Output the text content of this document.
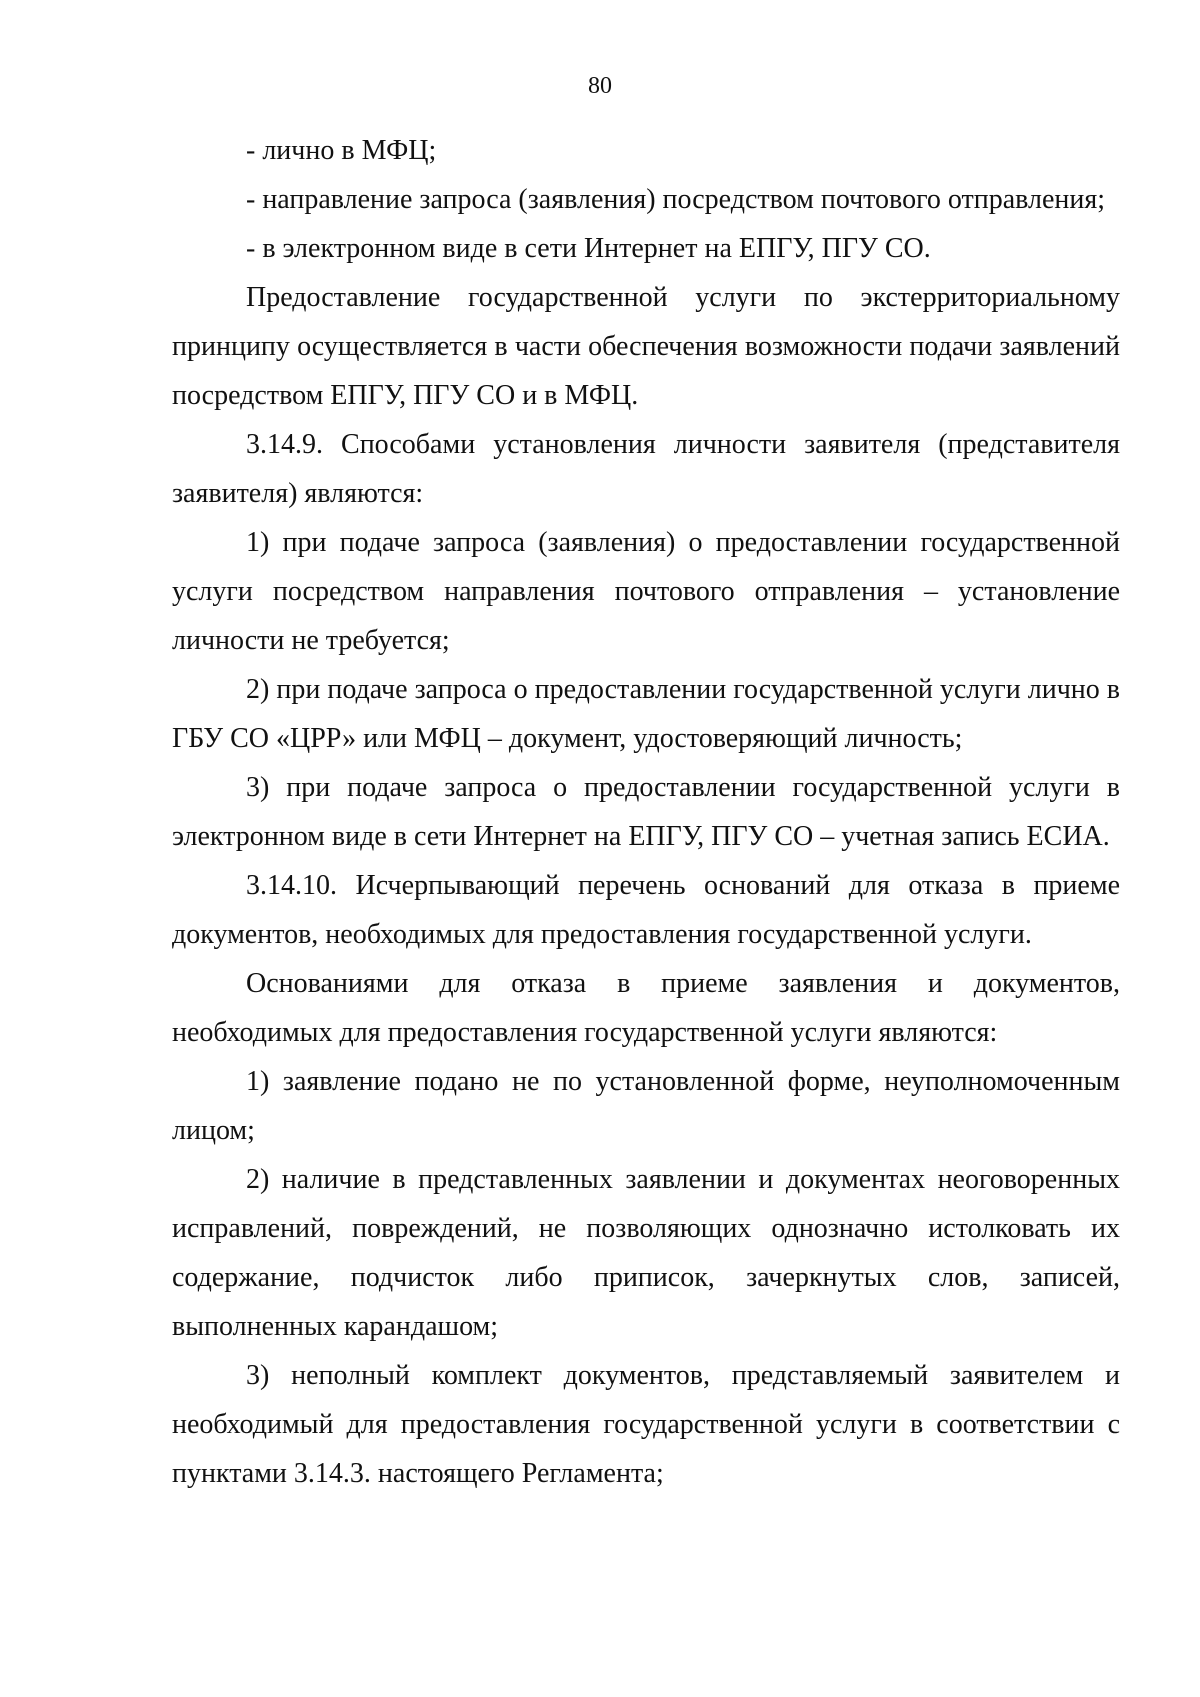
80

- лично в МФЦ;

- направление запроса (заявления) посредством почтового отправления;

- в электронном виде в сети Интернет на ЕПГУ, ПГУ СО.

Предоставление государственной услуги по экстерриториальному принципу осуществляется в части обеспечения возможности подачи заявлений посредством ЕПГУ, ПГУ СО и в МФЦ.

3.14.9. Способами установления личности заявителя (представителя заявителя) являются:

1) при подаче запроса (заявления) о предоставлении государственной услуги посредством направления почтового отправления – установление личности не требуется;

2) при подаче запроса о предоставлении государственной услуги лично в ГБУ СО «ЦРР» или МФЦ – документ, удостоверяющий личность;

3) при подаче запроса о предоставлении государственной услуги в электронном виде в сети Интернет на ЕПГУ, ПГУ СО – учетная запись ЕСИА.

3.14.10. Исчерпывающий перечень оснований для отказа в приеме документов, необходимых для предоставления государственной услуги.

Основаниями для отказа в приеме заявления и документов, необходимых для предоставления государственной услуги являются:

1) заявление подано не по установленной форме, неуполномоченным лицом;

2) наличие в представленных заявлении и документах неоговоренных исправлений, повреждений, не позволяющих однозначно истолковать их содержание, подчисток либо приписок, зачеркнутых слов, записей, выполненных карандашом;

3) неполный комплект документов, представляемый заявителем и необходимый для предоставления государственной услуги в соответствии с пунктами 3.14.3. настоящего Регламента;
